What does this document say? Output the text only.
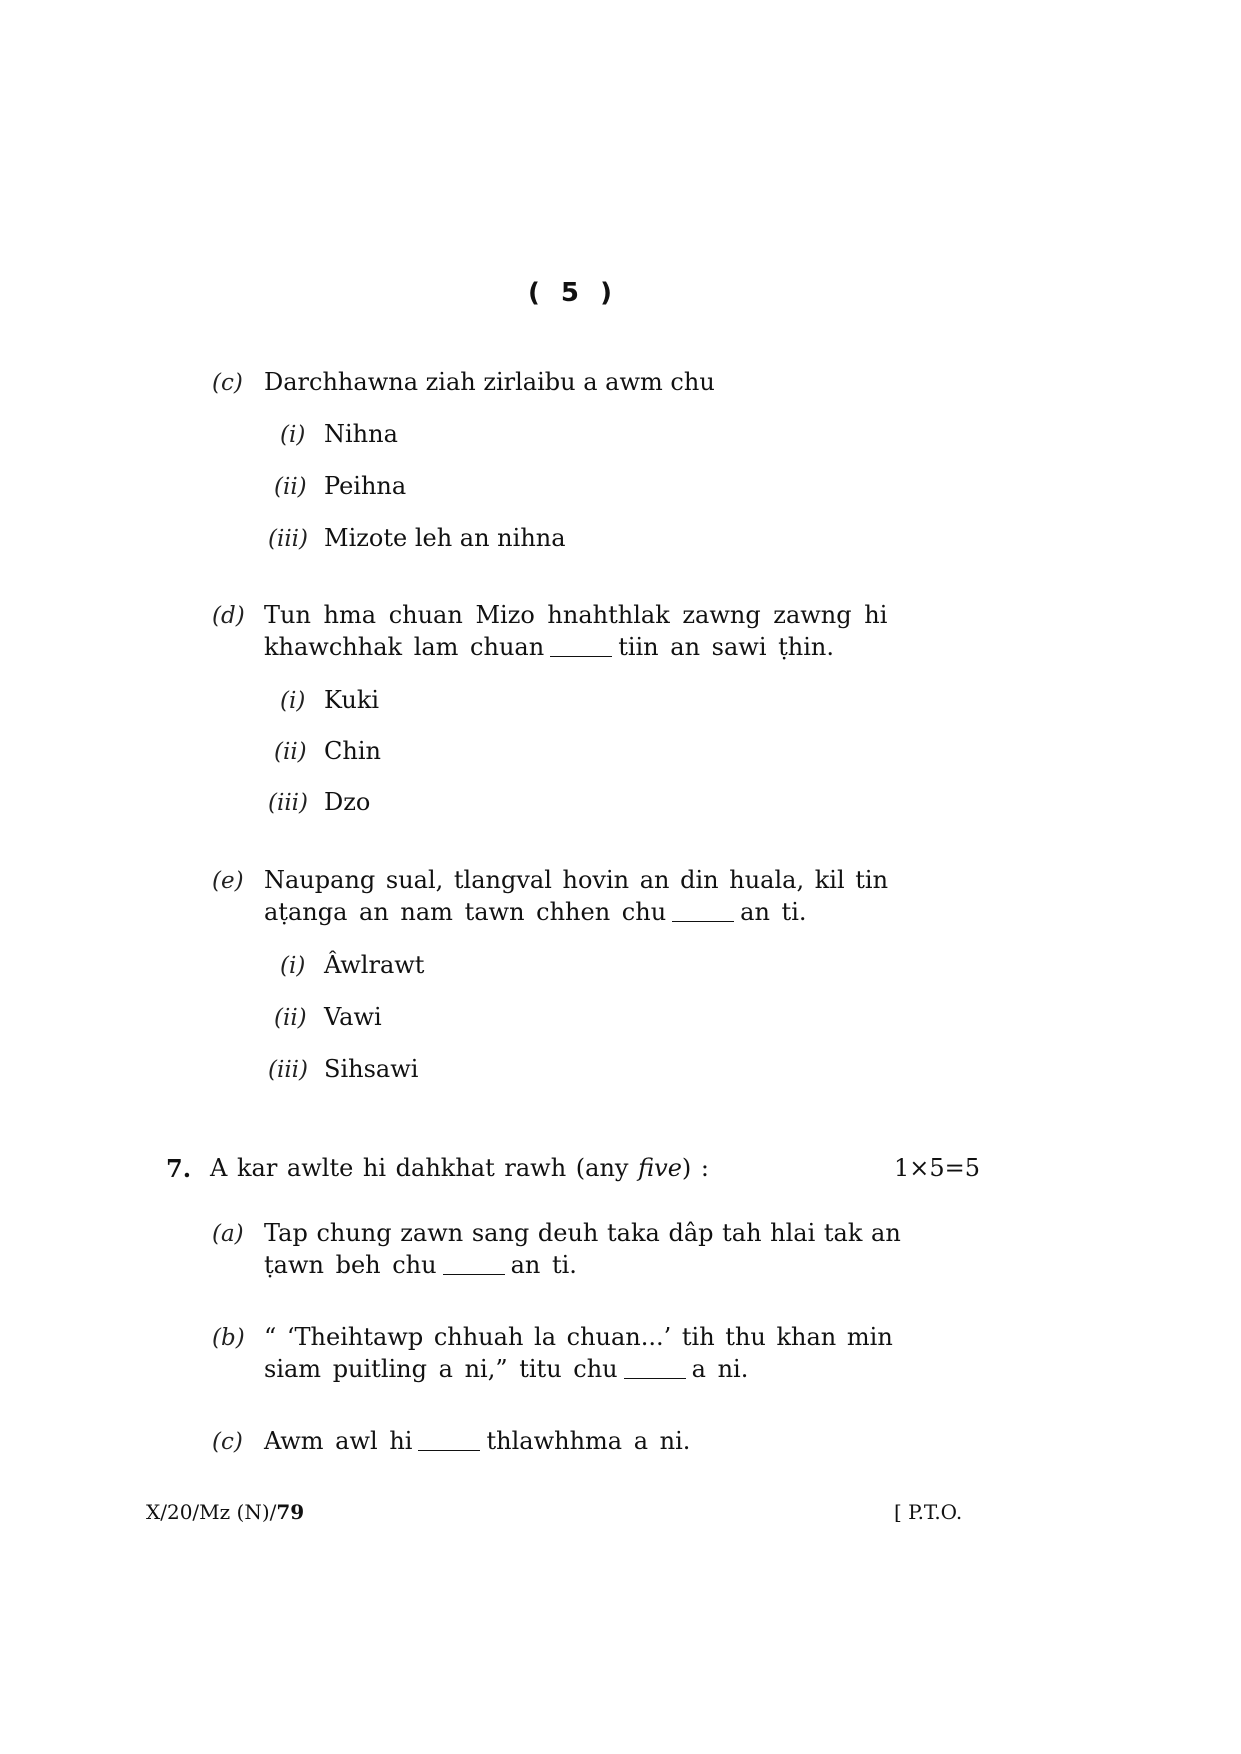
( 5 )
(c) Darchhawna ziah zirlaibu a awm chu
(i) Nihna
(ii) Peihna
(iii) Mizote leh an nihna
(d) Tun hma chuan Mizo hnahthlak zawng zawng hi
khawchhak lam chuan	tiin an sawi ṭhin.
(i) Kuki
(ii) Chin
(iii) Dzo
(e) Naupang sual, tlangval hovin an din huala, kil tin
aṭanga an nam tawn chhen chu	an ti.
(i) Âwlrawt
(ii) Vawi
(iii) Sihsawi
7. A kar awlte hi dahkhat rawh (any five) :	1×5=5
(a) Tap chung zawn sang deuh taka dâp tah hlai tak an
ṭawn beh chu	an ti.
(b) “ ‘Theihtawp chhuah la chuan...’ tih thu khan min
siam puitling a ni,” titu chu	a ni.
(c) Awm awl hi	thlawhhma a ni.
X/20/Mz (N)/79	[ P.T.O.
